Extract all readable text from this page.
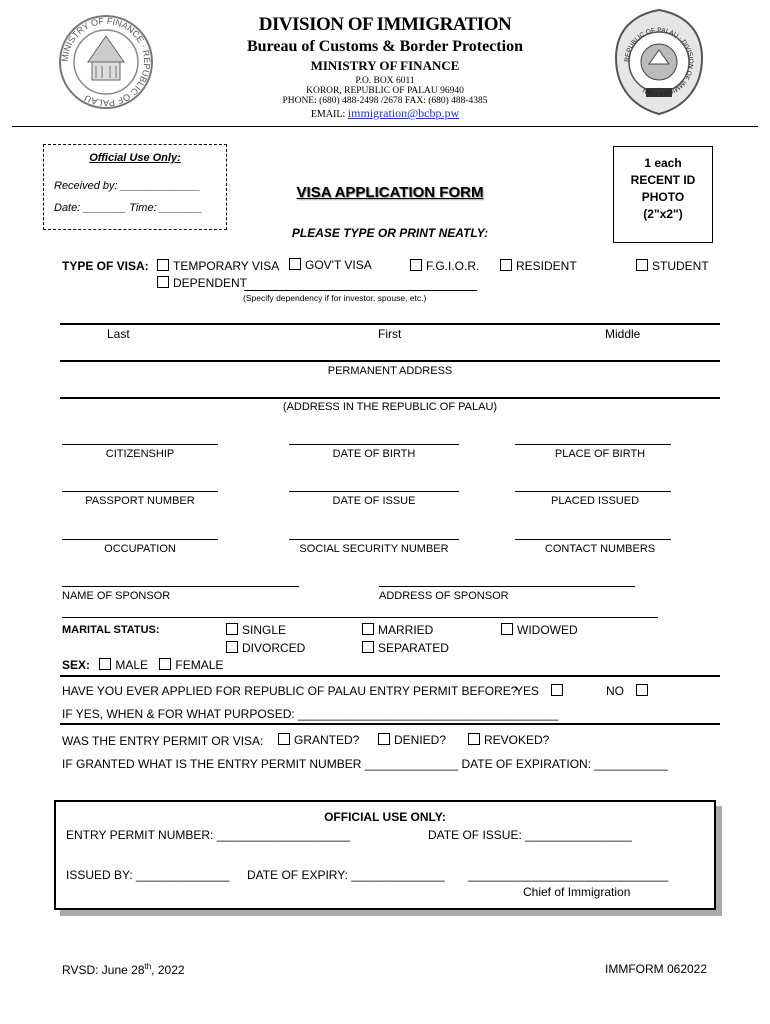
MINISTRY OF FINANCE · REPUBLIC OF PALAU
REPUBLIC OF PALAU · DIVISION OF IMMIGRATION
DIVISION OF IMMIGRATION
Bureau of Customs & Border Protection
MINISTRY OF FINANCE
P.O. BOX 6011
KOROR, REPUBLIC OF PALAU 96940
PHONE: (680) 488-2498 /2678 FAX: (680) 488-4385
EMAIL: immigration@bcbp.pw
Official Use Only:
Received by: _____________
Date: _______ Time: _______
VISA APPLICATION FORM
PLEASE TYPE OR PRINT NEATLY:
1 each
RECENT ID
PHOTO
(2"x2")
TYPE OF VISA:	TEMPORARY VISA	GOV'T VISA	F.G.I.O.R.	RESIDENT	STUDENT
DEPENDENT
(Specify dependency if for investor, spouse, etc.)
Last	First	Middle
PERMANENT ADDRESS
(ADDRESS IN THE REPUBLIC OF PALAU)
CITIZENSHIP	DATE OF BIRTH	PLACE OF BIRTH
PASSPORT NUMBER	DATE OF ISSUE	PLACED ISSUED
OCCUPATION	SOCIAL SECURITY NUMBER	CONTACT NUMBERS
NAME OF SPONSOR	ADDRESS OF SPONSOR
MARITAL STATUS:	SINGLE	MARRIED	WIDOWED
DIVORCED	SEPARATED
SEX: MALE FEMALE
HAVE YOU EVER APPLIED FOR REPUBLIC OF PALAU ENTRY PERMIT BEFORE?
YES	NO
IF YES, WHEN & FOR WHAT PURPOSED: _______________________________________
WAS THE ENTRY PERMIT OR VISA:	GRANTED?	DENIED?	REVOKED?
IF GRANTED WHAT IS THE ENTRY PERMIT NUMBER ______________ DATE OF EXPIRATION: ___________
OFFICIAL USE ONLY:
ENTRY PERMIT NUMBER: ____________________	DATE OF ISSUE: ________________
ISSUED BY: ______________ DATE OF EXPIRY: ______________ ______________________________
Chief of Immigration
RVSD: June 28th, 2022	IMMFORM 062022
